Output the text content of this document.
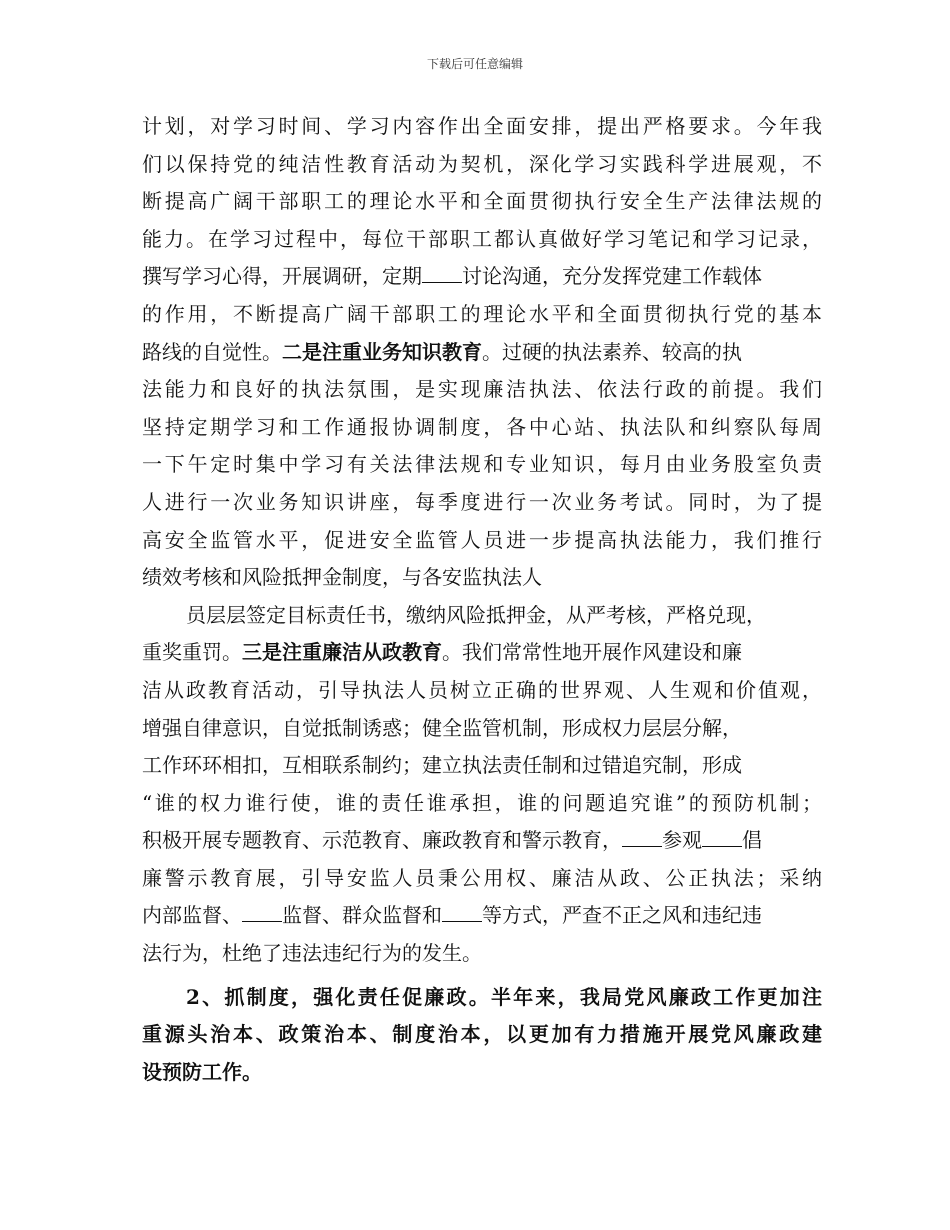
下载后可任意编辑
计划，对学习时间、学习内容作出全面安排，提出严格要求。今年我
们以保持党的纯洁性教育活动为契机，深化学习实践科学进展观，不
断提高广阔干部职工的理论水平和全面贯彻执行安全生产法律法规的
能力。在学习过程中，每位干部职工都认真做好学习笔记和学习记录，
撰写学习心得，开展调研，定期 讨论沟通，充分发挥党建工作载体
的作用，不断提高广阔干部职工的理论水平和全面贯彻执行党的基本
路线的自觉性。二是注重业务知识教育。过硬的执法素养、较高的执
法能力和良好的执法氛围，是实现廉洁执法、依法行政的前提。我们
坚持定期学习和工作通报协调制度，各中心站、执法队和纠察队每周
一下午定时集中学习有关法律法规和专业知识，每月由业务股室负责
人进行一次业务知识讲座，每季度进行一次业务考试。同时，为了提
高安全监管水平，促进安全监管人员进一步提高执法能力，我们推行
绩效考核和风险抵押金制度，与各安监执法人
员层层签定目标责任书，缴纳风险抵押金，从严考核，严格兑现，
重奖重罚。三是注重廉洁从政教育。我们常常性地开展作风建设和廉
洁从政教育活动，引导执法人员树立正确的世界观、人生观和价值观，
增强自律意识，自觉抵制诱惑；健全监管机制，形成权力层层分解，
工作环环相扣，互相联系制约；建立执法责任制和过错追究制，形成
“谁的权力谁行使，谁的责任谁承担，谁的问题追究谁”的预防机制；
积极开展专题教育、示范教育、廉政教育和警示教育， 参观 倡
廉警示教育展，引导安监人员秉公用权、廉洁从政、公正执法；采纳
内部监督、 监督、群众监督和 等方式，严查不正之风和违纪违
法行为，杜绝了违法违纪行为的发生。
2、抓制度，强化责任促廉政。半年来，我局党风廉政工作更加注
重源头治本、政策治本、制度治本，以更加有力措施开展党风廉政建
设预防工作。
